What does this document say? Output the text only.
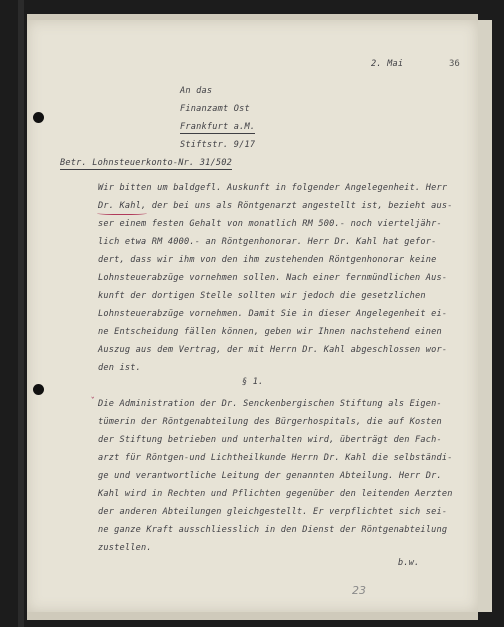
2. Mai	36
An das
Finanzamt Ost
Frankfurt a.M.
Stiftstr. 9/17
Betr. Lohnsteuerkonto-Nr. 31/502
Wir bitten um baldgefl. Auskunft in folgender Angelegenheit. Herr
Dr. Kahl, der bei uns als Röntgenarzt angestellt ist, bezieht aus-
ser einem festen Gehalt von monatlich RM 500.- noch vierteljähr-
lich etwa RM 4000.- an Röntgenhonorar. Herr Dr. Kahl hat gefor-
dert, dass wir ihm von den ihm zustehenden Röntgenhonorar keine
Lohnsteuerabzüge vornehmen sollen. Nach einer fernmündlichen Aus-
kunft der dortigen Stelle sollten wir jedoch die gesetzlichen
Lohnsteuerabzüge vornehmen. Damit Sie in dieser Angelegenheit ei-
ne Entscheidung fällen können, geben wir Ihnen nachstehend einen
Auszug aus dem Vertrag, der mit Herrn Dr. Kahl abgeschlossen wor-
den ist.
§ 1.
ˇ Die Administration der Dr. Senckenbergischen Stiftung als Eigen-
tümerin der Röntgenabteilung des Bürgerhospitals, die auf Kosten
der Stiftung betrieben und unterhalten wird, überträgt den Fach-
arzt für Röntgen-und Lichtheilkunde Herrn Dr. Kahl die selbständi-
ge und verantwortliche Leitung der genannten Abteilung. Herr Dr.
Kahl wird in Rechten und Pflichten gegenüber den leitenden Aerzten
der anderen Abteilungen gleichgestellt. Er verpflichtet sich sei-
ne ganze Kraft ausschliesslich in den Dienst der Röntgenabteilung
zustellen.
b.w.
23
